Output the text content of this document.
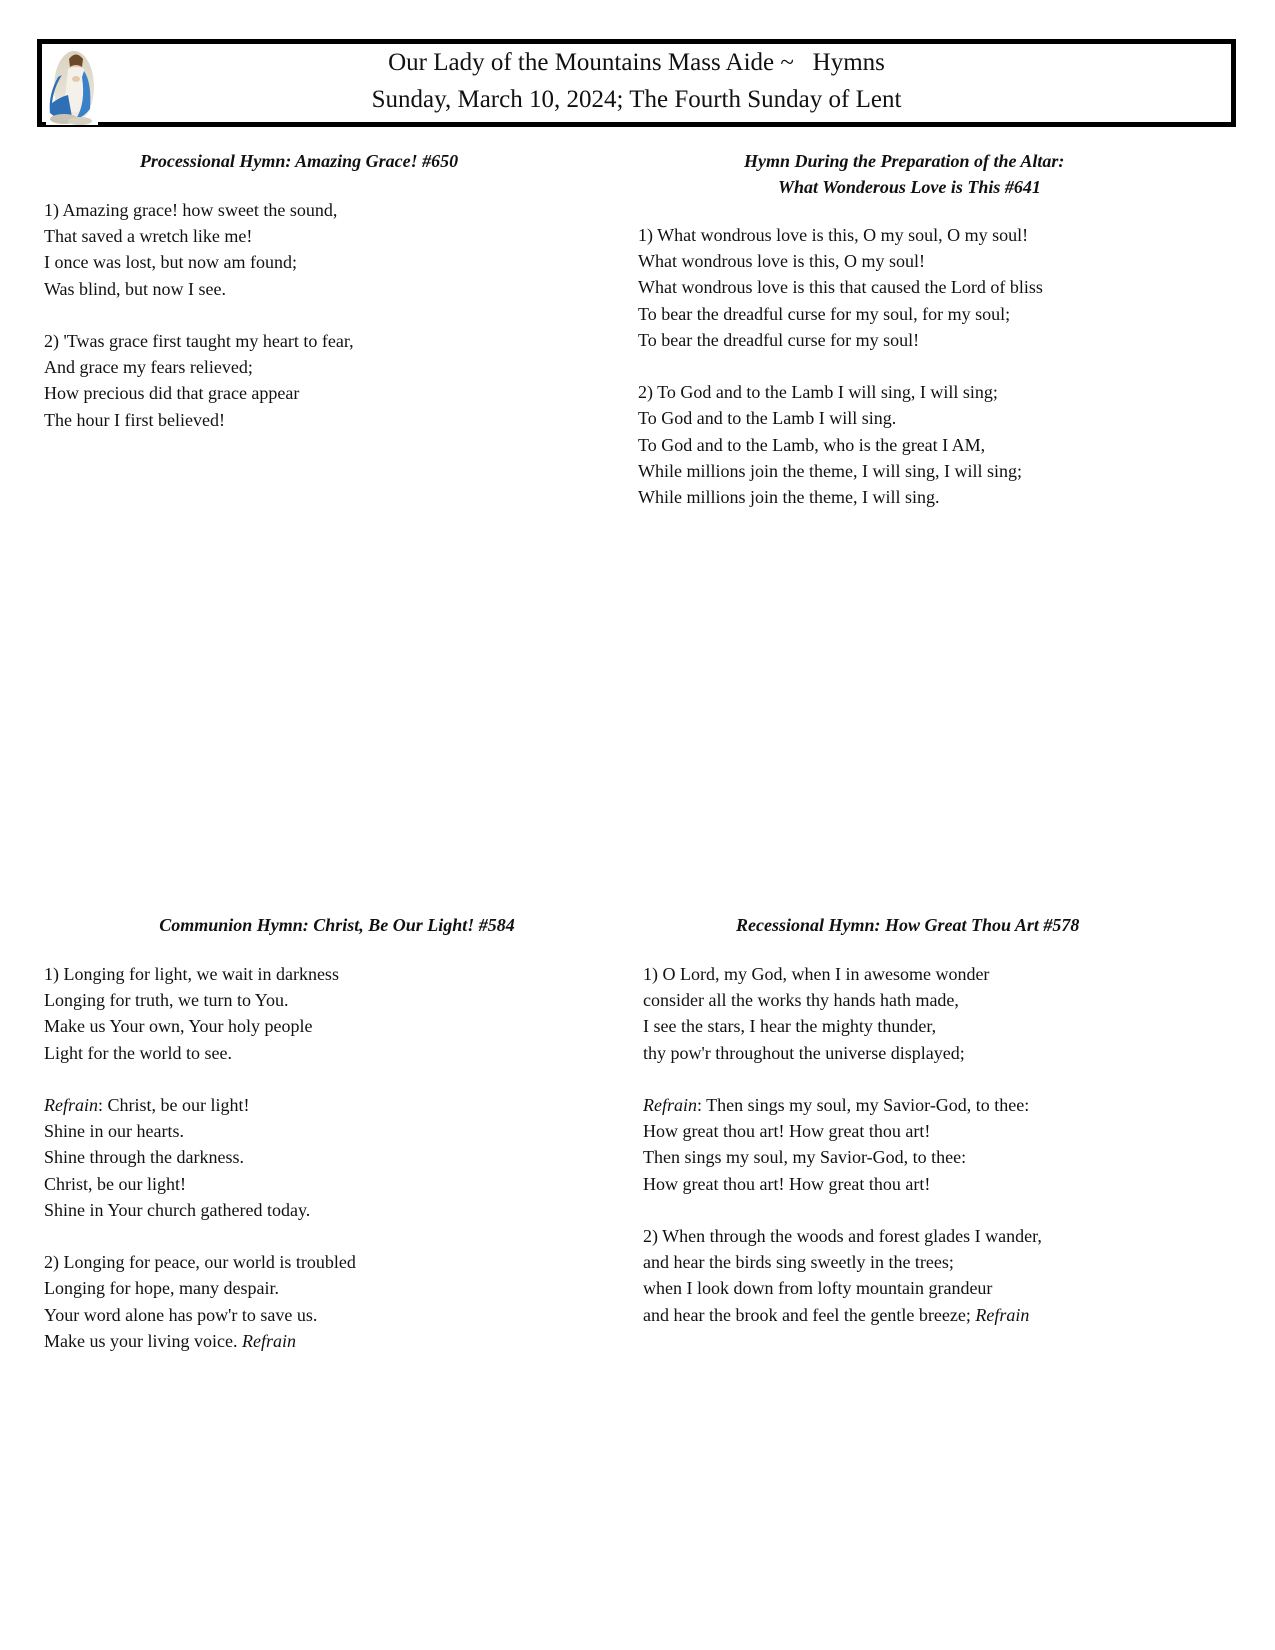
Our Lady of the Mountains Mass Aide ~   Hymns
Sunday, March 10, 2024; The Fourth Sunday of Lent
Processional Hymn: Amazing Grace! #650
1) Amazing grace! how sweet the sound,
That saved a wretch like me!
I once was lost, but now am found;
Was blind, but now I see.
2) 'Twas grace first taught my heart to fear,
And grace my fears relieved;
How precious did that grace appear
The hour I first believed!
Hymn During the Preparation of the Altar:
What Wonderous Love is This #641
1) What wondrous love is this, O my soul, O my soul!
What wondrous love is this, O my soul!
What wondrous love is this that caused the Lord of bliss
To bear the dreadful curse for my soul, for my soul;
To bear the dreadful curse for my soul!
2) To God and to the Lamb I will sing, I will sing;
To God and to the Lamb I will sing.
To God and to the Lamb, who is the great I AM,
While millions join the theme, I will sing, I will sing;
While millions join the theme, I will sing.
Communion Hymn: Christ, Be Our Light! #584
1) Longing for light, we wait in darkness
Longing for truth, we turn to You.
Make us Your own, Your holy people
Light for the world to see.
Refrain: Christ, be our light!
Shine in our hearts.
Shine through the darkness.
Christ, be our light!
Shine in Your church gathered today.
2) Longing for peace, our world is troubled
Longing for hope, many despair.
Your word alone has pow'r to save us.
Make us your living voice. Refrain
Recessional Hymn: How Great Thou Art #578
1) O Lord, my God, when I in awesome wonder
consider all the works thy hands hath made,
I see the stars, I hear the mighty thunder,
thy pow'r throughout the universe displayed;
Refrain: Then sings my soul, my Savior-God, to thee:
How great thou art! How great thou art!
Then sings my soul, my Savior-God, to thee:
How great thou art! How great thou art!
2) When through the woods and forest glades I wander,
and hear the birds sing sweetly in the trees;
when I look down from lofty mountain grandeur
and hear the brook and feel the gentle breeze; Refrain
